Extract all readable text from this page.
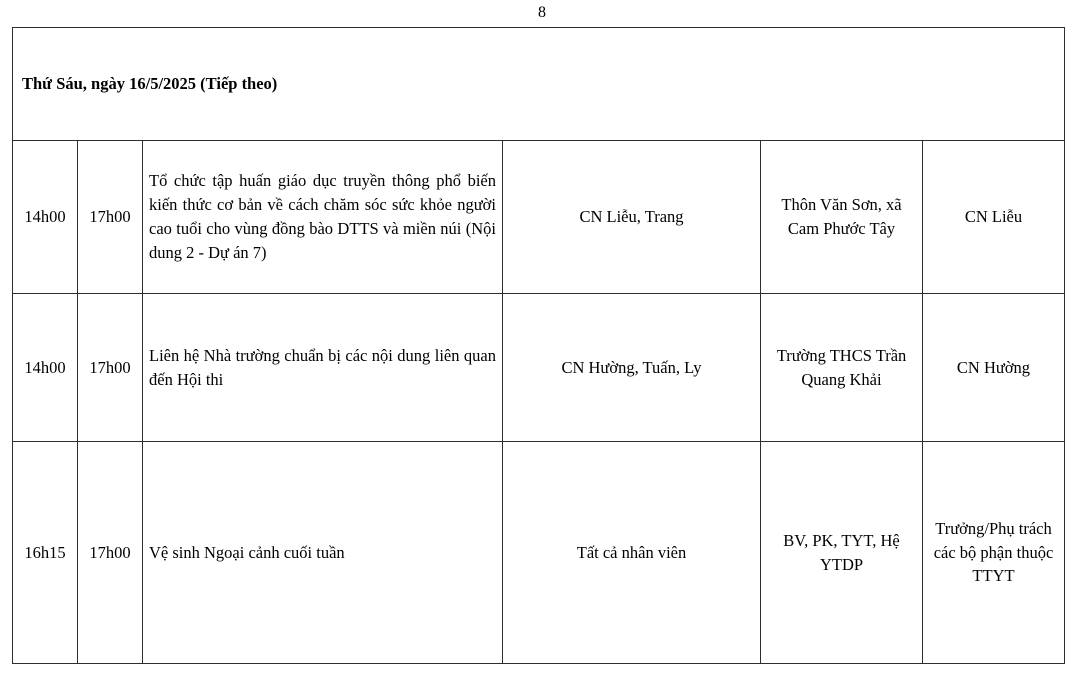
8
Thứ Sáu, ngày 16/5/2025 (Tiếp theo)					
14h00	17h00	Tổ chức tập huấn giáo dục truyền thông phổ biến kiến thức cơ bản về cách chăm sóc sức khỏe người cao tuổi cho vùng đồng bào DTTS và miền núi (Nội dung 2 - Dự án 7)	CN Liễu, Trang	Thôn Văn Sơn, xã Cam Phước Tây	CN Liễu
14h00	17h00	Liên hệ Nhà trường chuẩn bị các nội dung liên quan đến Hội thi	CN Hường, Tuấn, Ly	Trường THCS Trần Quang Khải	CN Hường
16h15	17h00	Vệ sinh Ngoại cảnh cuối tuần	Tất cả nhân viên	BV, PK, TYT, Hệ YTDP	Trưởng/Phụ trách các bộ phận thuộc TTYT
